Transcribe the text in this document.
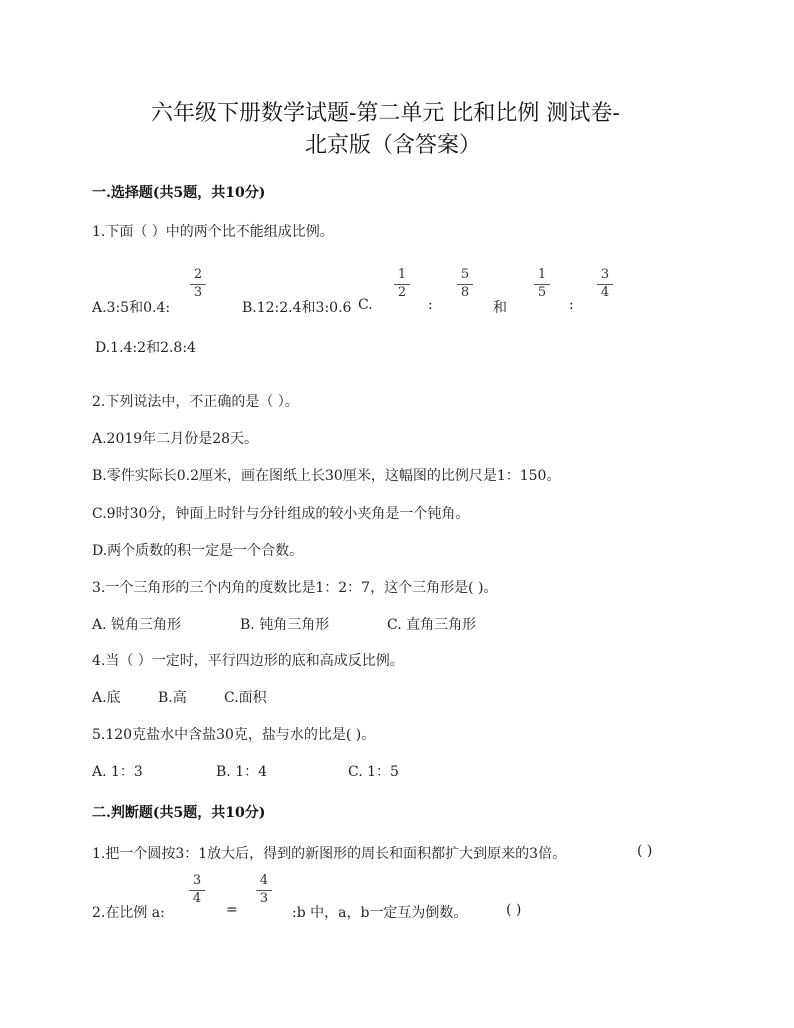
六年级下册数学试题-第二单元 比和比例 测试卷-
北京版（含答案）
一.选择题(共5题，共10分)
1.下面（ ）中的两个比不能组成比例。
A.3:5和0.4:
2
3
B.12:2.4和3:0.6 C.
1
2
:
5
8
和
1
5
:
3
4
D.1.4:2和2.8:4
2.下列说法中，不正确的是（ ）。
A.2019年二月份是28天。
B.零件实际长0.2厘米，画在图纸上长30厘米，这幅图的比例尺是1：150。
C.9时30分，钟面上时针与分针组成的较小夹角是一个钝角。
D.两个质数的积一定是一个合数。
3.一个三角形的三个内角的度数比是1：2：7，这个三角形是( )。
A. 锐角三角形	B. 钝角三角形	C. 直角三角形
4.当（ ）一定时，平行四边形的底和高成反比例。
A.底	B.高	C.面积
5.120克盐水中含盐30克，盐与水的比是( )。
A. 1：3	B. 1：4	C. 1：5
二.判断题(共5题，共10分)
1.把一个圆按3：1放大后，得到的新图形的周长和面积都扩大到原来的3倍。	( )
2.在比例 a:
3
4
=
4
3
:b 中，a，b一定互为倒数。	( )
